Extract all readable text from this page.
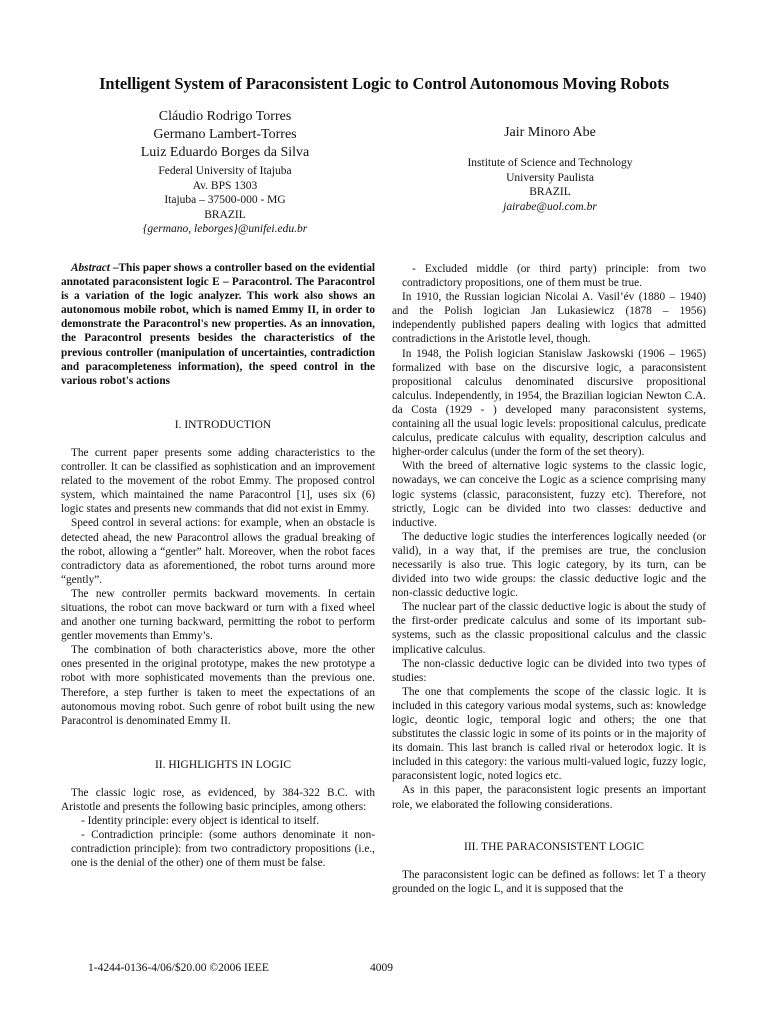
Intelligent System of Paraconsistent Logic to Control Autonomous Moving Robots
Cláudio Rodrigo Torres
Germano Lambert-Torres
Luiz Eduardo Borges da Silva
Federal University of Itajuba
Av. BPS 1303
Itajuba – 37500-000 - MG
BRAZIL
{germano, leborges}@unifei.edu.br
Jair Minoro Abe
Institute of Science and Technology
University Paulista
BRAZIL
jairabe@uol.com.br

Abstract –This paper shows a controller based on the evidential annotated paraconsistent logic E – Paracontrol. The Paracontrol is a variation of the logic analyzer. This work also shows an autonomous mobile robot, which is named Emmy II, in order to demonstrate the Paracontrol's new properties. As an innovation, the Paracontrol presents besides the characteristics of the previous controller (manipulation of uncertainties, contradiction and paracompleteness information), the speed control in the various robot's actions

I. INTRODUCTION

The current paper presents some adding characteristics to the controller. It can be classified as sophistication and an improvement related to the movement of the robot Emmy. The proposed control system, which maintained the name Paracontrol [1], uses six (6) logic states and presents new commands that did not exist in Emmy.

Speed control in several actions: for example, when an obstacle is detected ahead, the new Paracontrol allows the gradual breaking of the robot, allowing a “gentler” halt. Moreover, when the robot faces contradictory data as aforementioned, the robot turns around more “gently”.

The new controller permits backward movements. In certain situations, the robot can move backward or turn with a fixed wheel and another one turning backward, permitting the robot to perform gentler movements than Emmy’s.

The combination of both characteristics above, more the other ones presented in the original prototype, makes the new prototype a robot with more sophisticated movements than the previous one. Therefore, a step further is taken to meet the expectations of an autonomous moving robot. Such genre of robot built using the new Paracontrol is denominated Emmy II.

II. HIGHLIGHTS IN LOGIC

The classic logic rose, as evidenced, by 384-322 B.C. with Aristotle and presents the following basic principles, among others:

- Identity principle: every object is identical to itself.

- Contradiction principle: (some authors denominate it non-contradiction principle): from two contradictory propositions (i.e., one is the denial of the other) one of them must be false.

- Excluded middle (or third party) principle: from two contradictory propositions, one of them must be true.

In 1910, the Russian logician Nicolai A. Vasil’év (1880 – 1940) and the Polish logician Jan Lukasiewicz (1878 – 1956) independently published papers dealing with logics that admitted contradictions in the Aristotle level, though.

In 1948, the Polish logician Stanislaw Jaskowski (1906 – 1965) formalized with base on the discursive logic, a paraconsistent propositional calculus denominated discursive propositional calculus. Independently, in 1954, the Brazilian logician Newton C.A. da Costa (1929 - ) developed many paraconsistent systems, containing all the usual logic levels: propositional calculus, predicate calculus, predicate calculus with equality, description calculus and higher-order calculus (under the form of the set theory).

With the breed of alternative logic systems to the classic logic, nowadays, we can conceive the Logic as a science comprising many logic systems (classic, paraconsistent, fuzzy etc). Therefore, not strictly, Logic can be divided into two classes: deductive and inductive.

The deductive logic studies the interferences logically needed (or valid), in a way that, if the premises are true, the conclusion necessarily is also true. This logic category, by its turn, can be divided into two wide groups: the classic deductive logic and the non-classic deductive logic.

The nuclear part of the classic deductive logic is about the study of the first-order predicate calculus and some of its important sub-systems, such as the classic propositional calculus and the classic implicative calculus.

The non-classic deductive logic can be divided into two types of studies:

The one that complements the scope of the classic logic. It is included in this category various modal systems, such as: knowledge logic, deontic logic, temporal logic and others; the one that substitutes the classic logic in some of its points or in the majority of its domain. This last branch is called rival or heterodox logic. It is included in this category: the various multi-valued logic, fuzzy logic, paraconsistent logic, noted logics etc.

As in this paper, the paraconsistent logic presents an important role, we elaborated the following considerations.

III. THE PARACONSISTENT LOGIC

The paraconsistent logic can be defined as follows: let T a theory grounded on the logic L, and it is supposed that the

1-4244-0136-4/06/$20.00 ©2006 IEEE	4009
